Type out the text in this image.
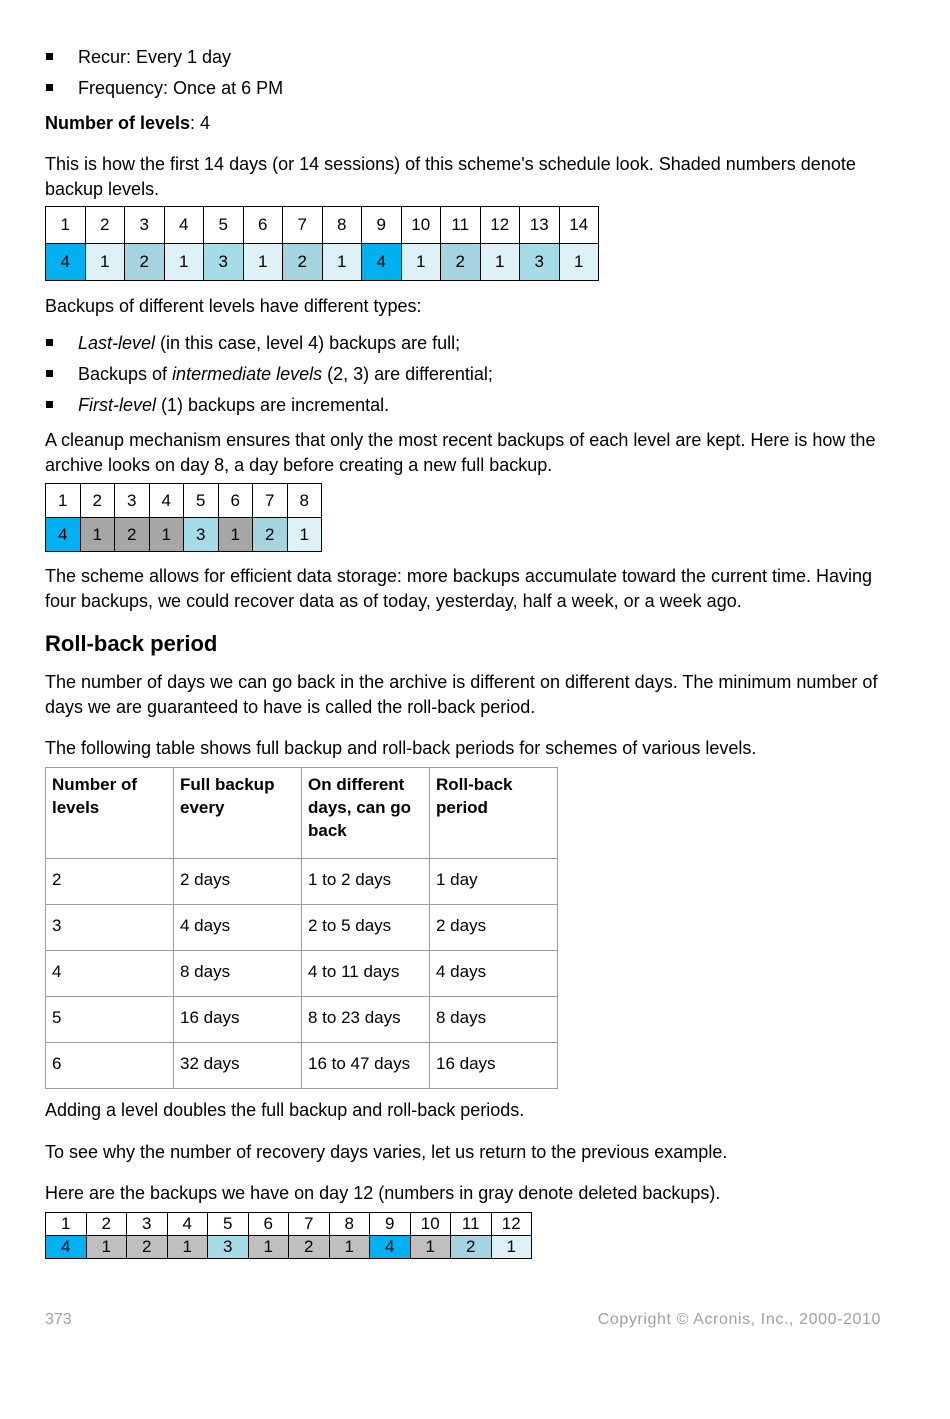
Recur: Every 1 day
Frequency: Once at 6 PM

Number of levels: 4

This is how the first 14 days (or 14 sessions) of this scheme's schedule look. Shaded numbers denote backup levels.

1	2	3	4	5	6	7	8	9	10	11	12	13	14
4	1	2	1	3	1	2	1	4	1	2	1	3	1

Backups of different levels have different types:

Last-level (in this case, level 4) backups are full;
Backups of intermediate levels (2, 3) are differential;
First-level (1) backups are incremental.

A cleanup mechanism ensures that only the most recent backups of each level are kept. Here is how the archive looks on day 8, a day before creating a new full backup.

1	2	3	4	5	6	7	8
4	1	2	1	3	1	2	1

The scheme allows for efficient data storage: more backups accumulate toward the current time. Having four backups, we could recover data as of today, yesterday, half a week, or a week ago.

Roll-back period

The number of days we can go back in the archive is different on different days. The minimum number of days we are guaranteed to have is called the roll-back period.

The following table shows full backup and roll-back periods for schemes of various levels.

Number of levels	Full backup every	On different days, can go back	Roll-back period
2	2 days	1 to 2 days	1 day
3	4 days	2 to 5 days	2 days
4	8 days	4 to 11 days	4 days
5	16 days	8 to 23 days	8 days
6	32 days	16 to 47 days	16 days

Adding a level doubles the full backup and roll-back periods.

To see why the number of recovery days varies, let us return to the previous example.

Here are the backups we have on day 12 (numbers in gray denote deleted backups).

1	2	3	4	5	6	7	8	9	10	11	12
4	1	2	1	3	1	2	1	4	1	2	1
373	Copyright © Acronis, Inc., 2000-2010
